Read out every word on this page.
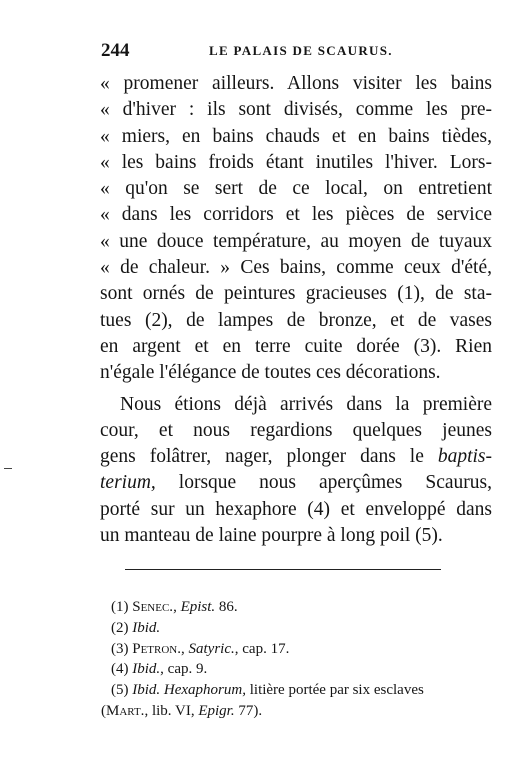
244	LE PALAIS DE SCAURUS.
« promener ailleurs. Allons visiter les bains
« d'hiver : ils sont divisés, comme les pre-
« miers, en bains chauds et en bains tièdes,
« les bains froids étant inutiles l'hiver. Lors-
« qu'on se sert de ce local, on entretient
« dans les corridors et les pièces de service
« une douce température, au moyen de tuyaux
« de chaleur. » Ces bains, comme ceux d'été,
sont ornés de peintures gracieuses (1), de sta-
tues (2), de lampes de bronze, et de vases
en argent et en terre cuite dorée (3). Rien
n'égale l'élégance de toutes ces décorations.
Nous étions déjà arrivés dans la première
cour, et nous regardions quelques jeunes
gens folâtrer, nager, plonger dans le baptis-
terium, lorsque nous aperçûmes Scaurus,
porté sur un hexaphore (4) et enveloppé dans
un manteau de laine pourpre à long poil (5).
(1) Senec., Epist. 86.
(2) Ibid.
(3) Petron., Satyric., cap. 17.
(4) Ibid., cap. 9.
(5) Ibid. Hexaphorum, litière portée par six esclaves
(Mart., lib. VI, Epigr. 77).
